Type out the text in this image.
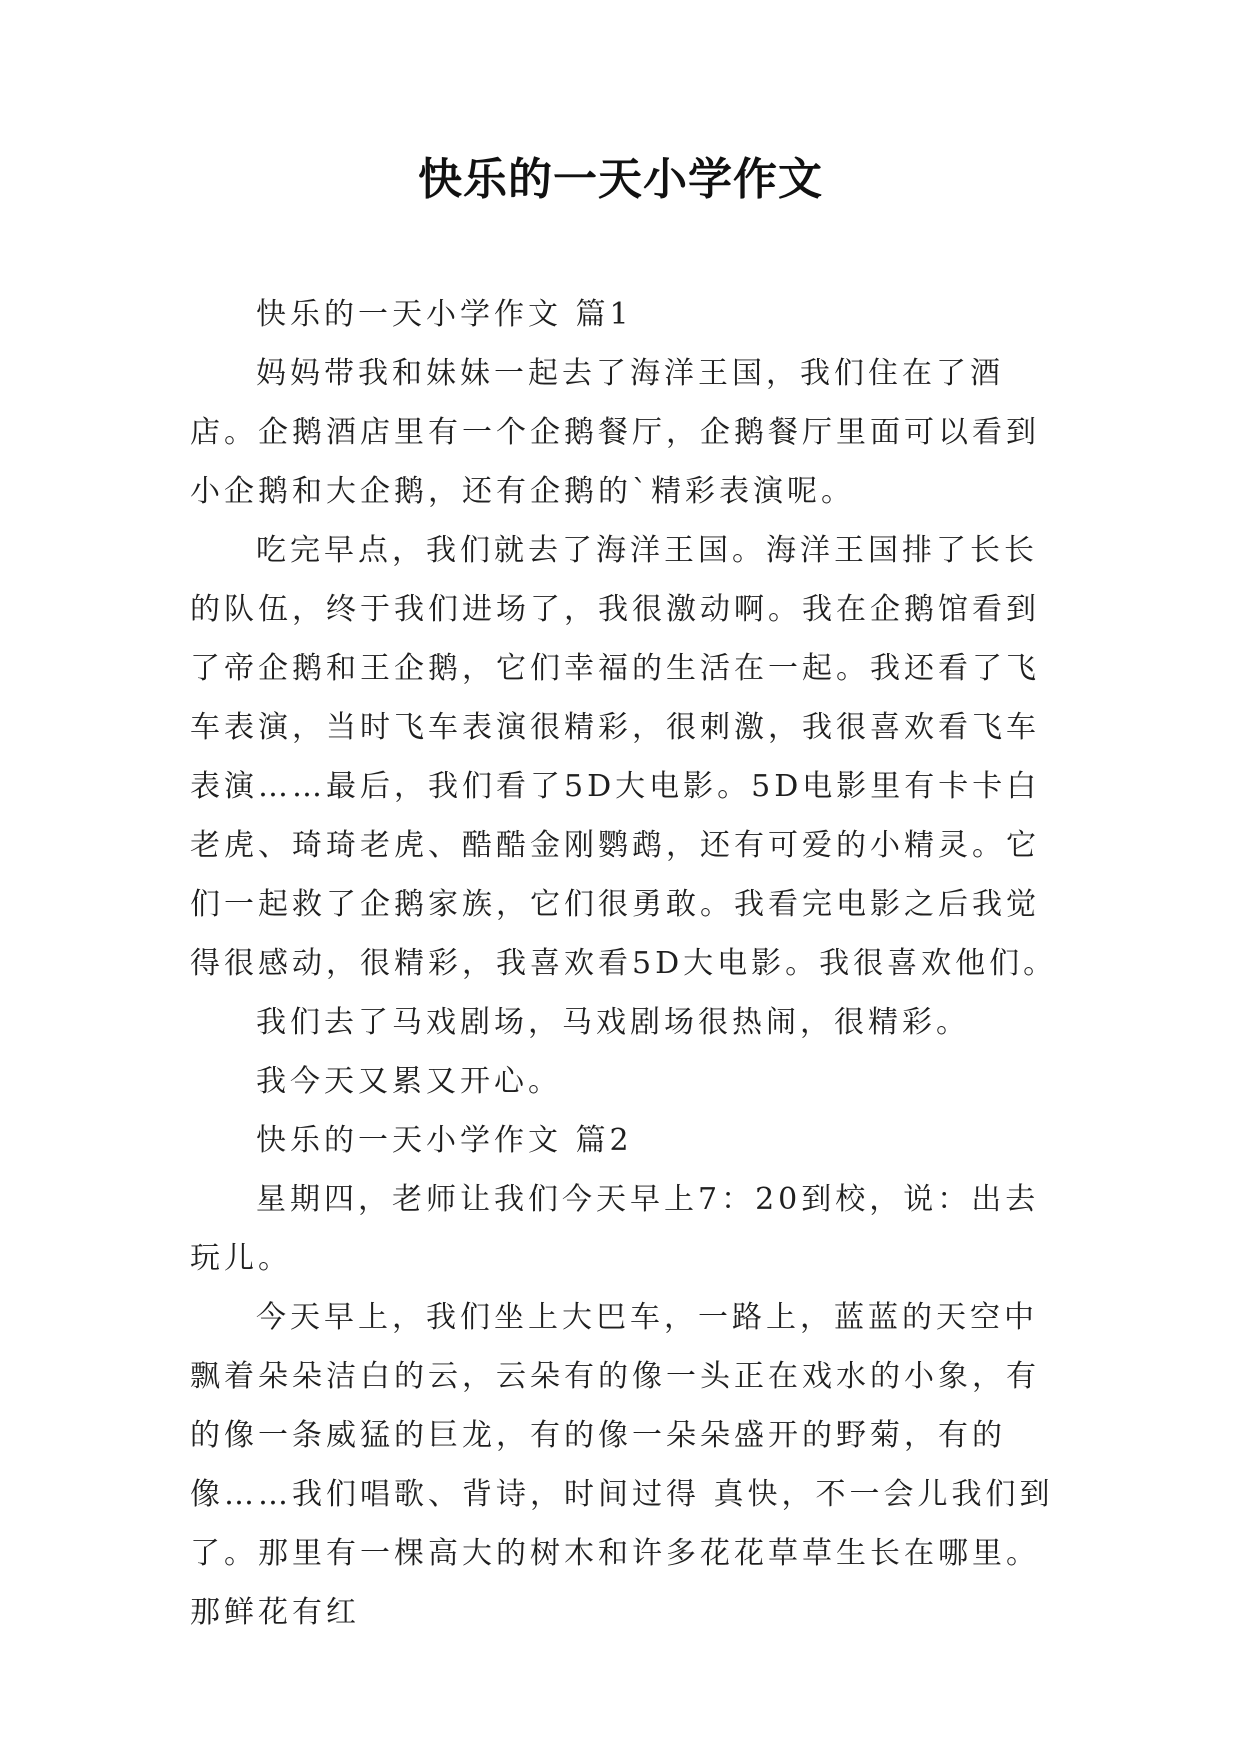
快乐的一天小学作文

快乐的一天小学作文 篇1

妈妈带我和妹妹一起去了海洋王国，我们住在了酒店。企鹅酒店里有一个企鹅餐厅，企鹅餐厅里面可以看到小企鹅和大企鹅，还有企鹅的`精彩表演呢。

吃完早点，我们就去了海洋王国。海洋王国排了长长的队伍，终于我们进场了，我很激动啊。我在企鹅馆看到了帝企鹅和王企鹅，它们幸福的生活在一起。我还看了飞车表演，当时飞车表演很精彩，很刺激，我很喜欢看飞车表演……最后，我们看了5D大电影。5D电影里有卡卡白老虎、琦琦老虎、酷酷金刚鹦鹉，还有可爱的小精灵。它们一起救了企鹅家族，它们很勇敢。我看完电影之后我觉得很感动，很精彩，我喜欢看5D大电影。我很喜欢他们。

我们去了马戏剧场，马戏剧场很热闹，很精彩。

我今天又累又开心。

快乐的一天小学作文 篇2

星期四，老师让我们今天早上7：20到校，说：出去玩儿。

今天早上，我们坐上大巴车，一路上，蓝蓝的天空中飘着朵朵洁白的云，云朵有的像一头正在戏水的小象，有的像一条威猛的巨龙，有的像一朵朵盛开的野菊，有的像……我们唱歌、背诗，时间过得 真快，不一会儿我们到了。那里有一棵高大的树木和许多花花草草生长在哪里。那鲜花有红
